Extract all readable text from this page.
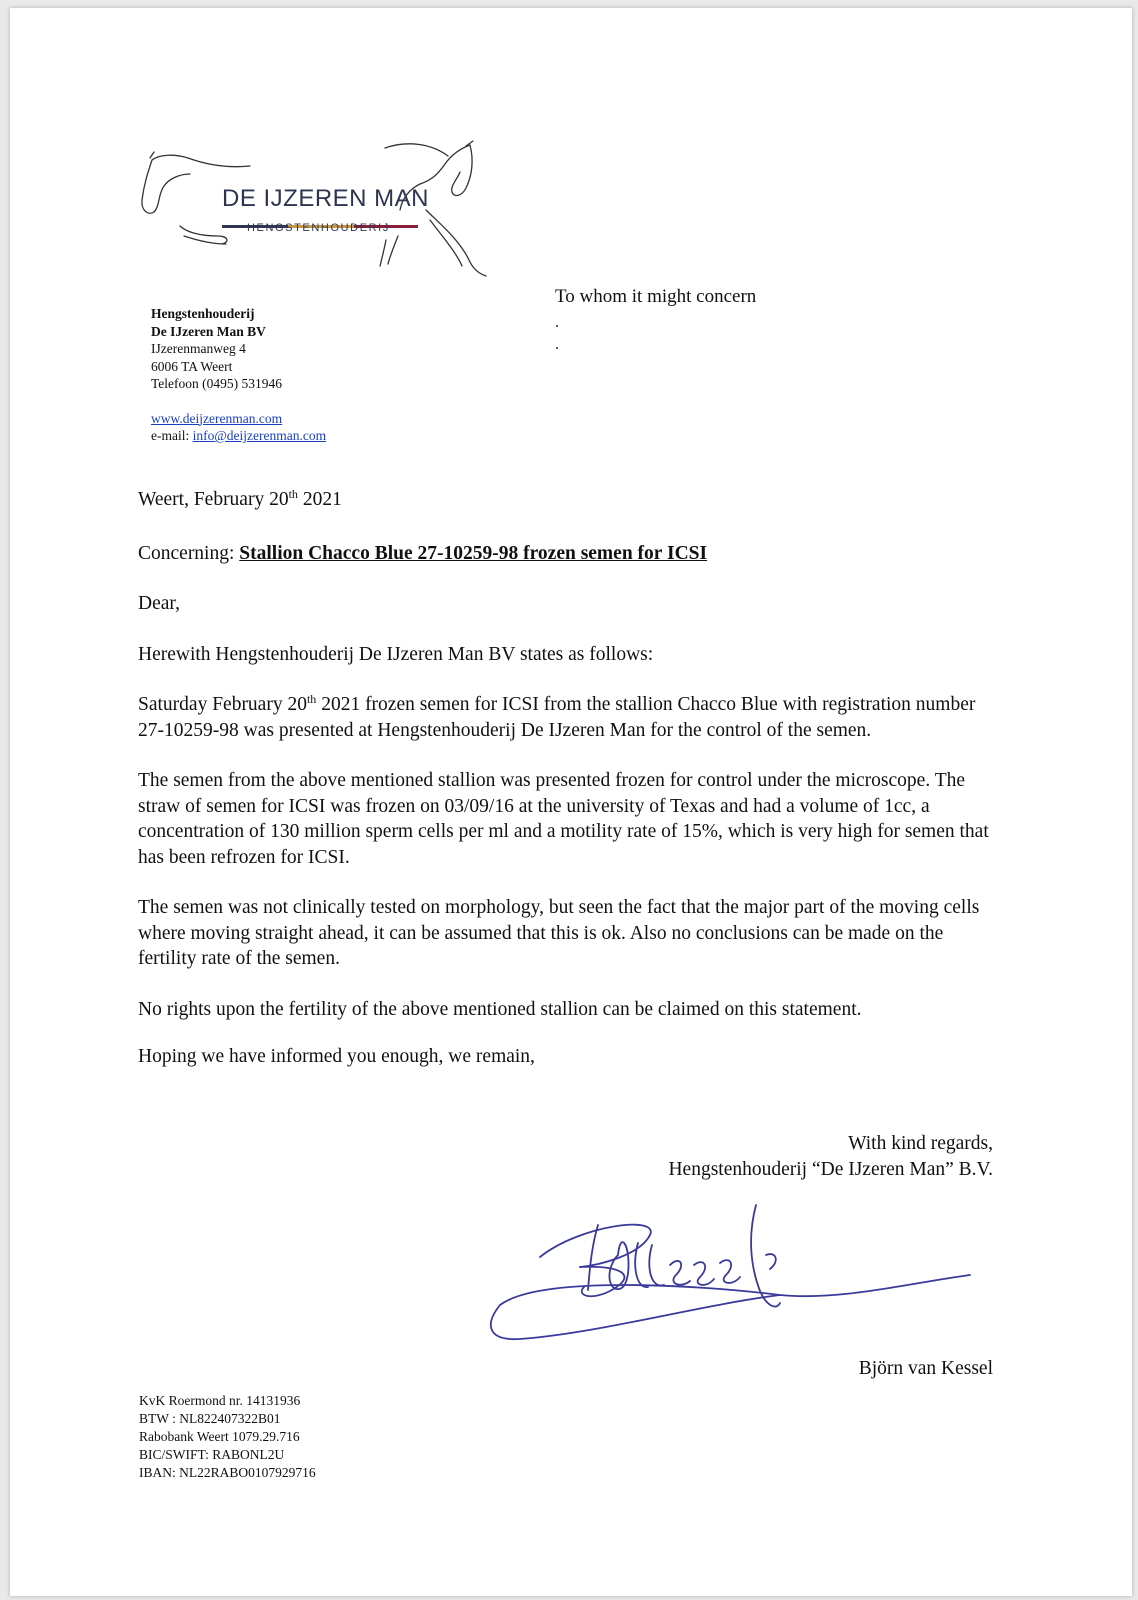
DE IJZEREN MAN
HENGSTENHOUDERIJ
Hengstenhouderij
De IJzeren Man BV
IJzerenmanweg 4
6006 TA Weert
Telefoon (0495) 531946
www.deijzerenman.com
e-mail: info@deijzerenman.com
To whom it might concern
.
.

Weert, February 20th 2021

Concerning: Stallion Chacco Blue 27-10259-98 frozen semen for ICSI

Dear,

Herewith Hengstenhouderij De IJzeren Man BV states as follows:

Saturday February 20th 2021 frozen semen for ICSI from the stallion Chacco Blue with registration number 27-10259-98 was presented at Hengstenhouderij De IJzeren Man for the control of the semen.

The semen from the above mentioned stallion was presented frozen for control under the microscope. The straw of semen for ICSI was frozen on 03/09/16 at the university of Texas and had a volume of 1cc, a concentration of 130 million sperm cells per ml and a motility rate of 15%, which is very high for semen that has been refrozen for ICSI.

The semen was not clinically tested on morphology, but seen the fact that the major part of the moving cells where moving straight ahead, it can be assumed that this is ok. Also no conclusions can be made on the fertility rate of the semen.

No rights upon the fertility of the above mentioned stallion can be claimed on this statement.

Hoping we have informed you enough, we remain,

With kind regards,
Hengstenhouderij “De IJzeren Man” B.V.
Björn van Kessel
KvK Roermond nr. 14131936
BTW : NL822407322B01
Rabobank Weert 1079.29.716
BIC/SWIFT: RABONL2U
IBAN: NL22RABO0107929716
